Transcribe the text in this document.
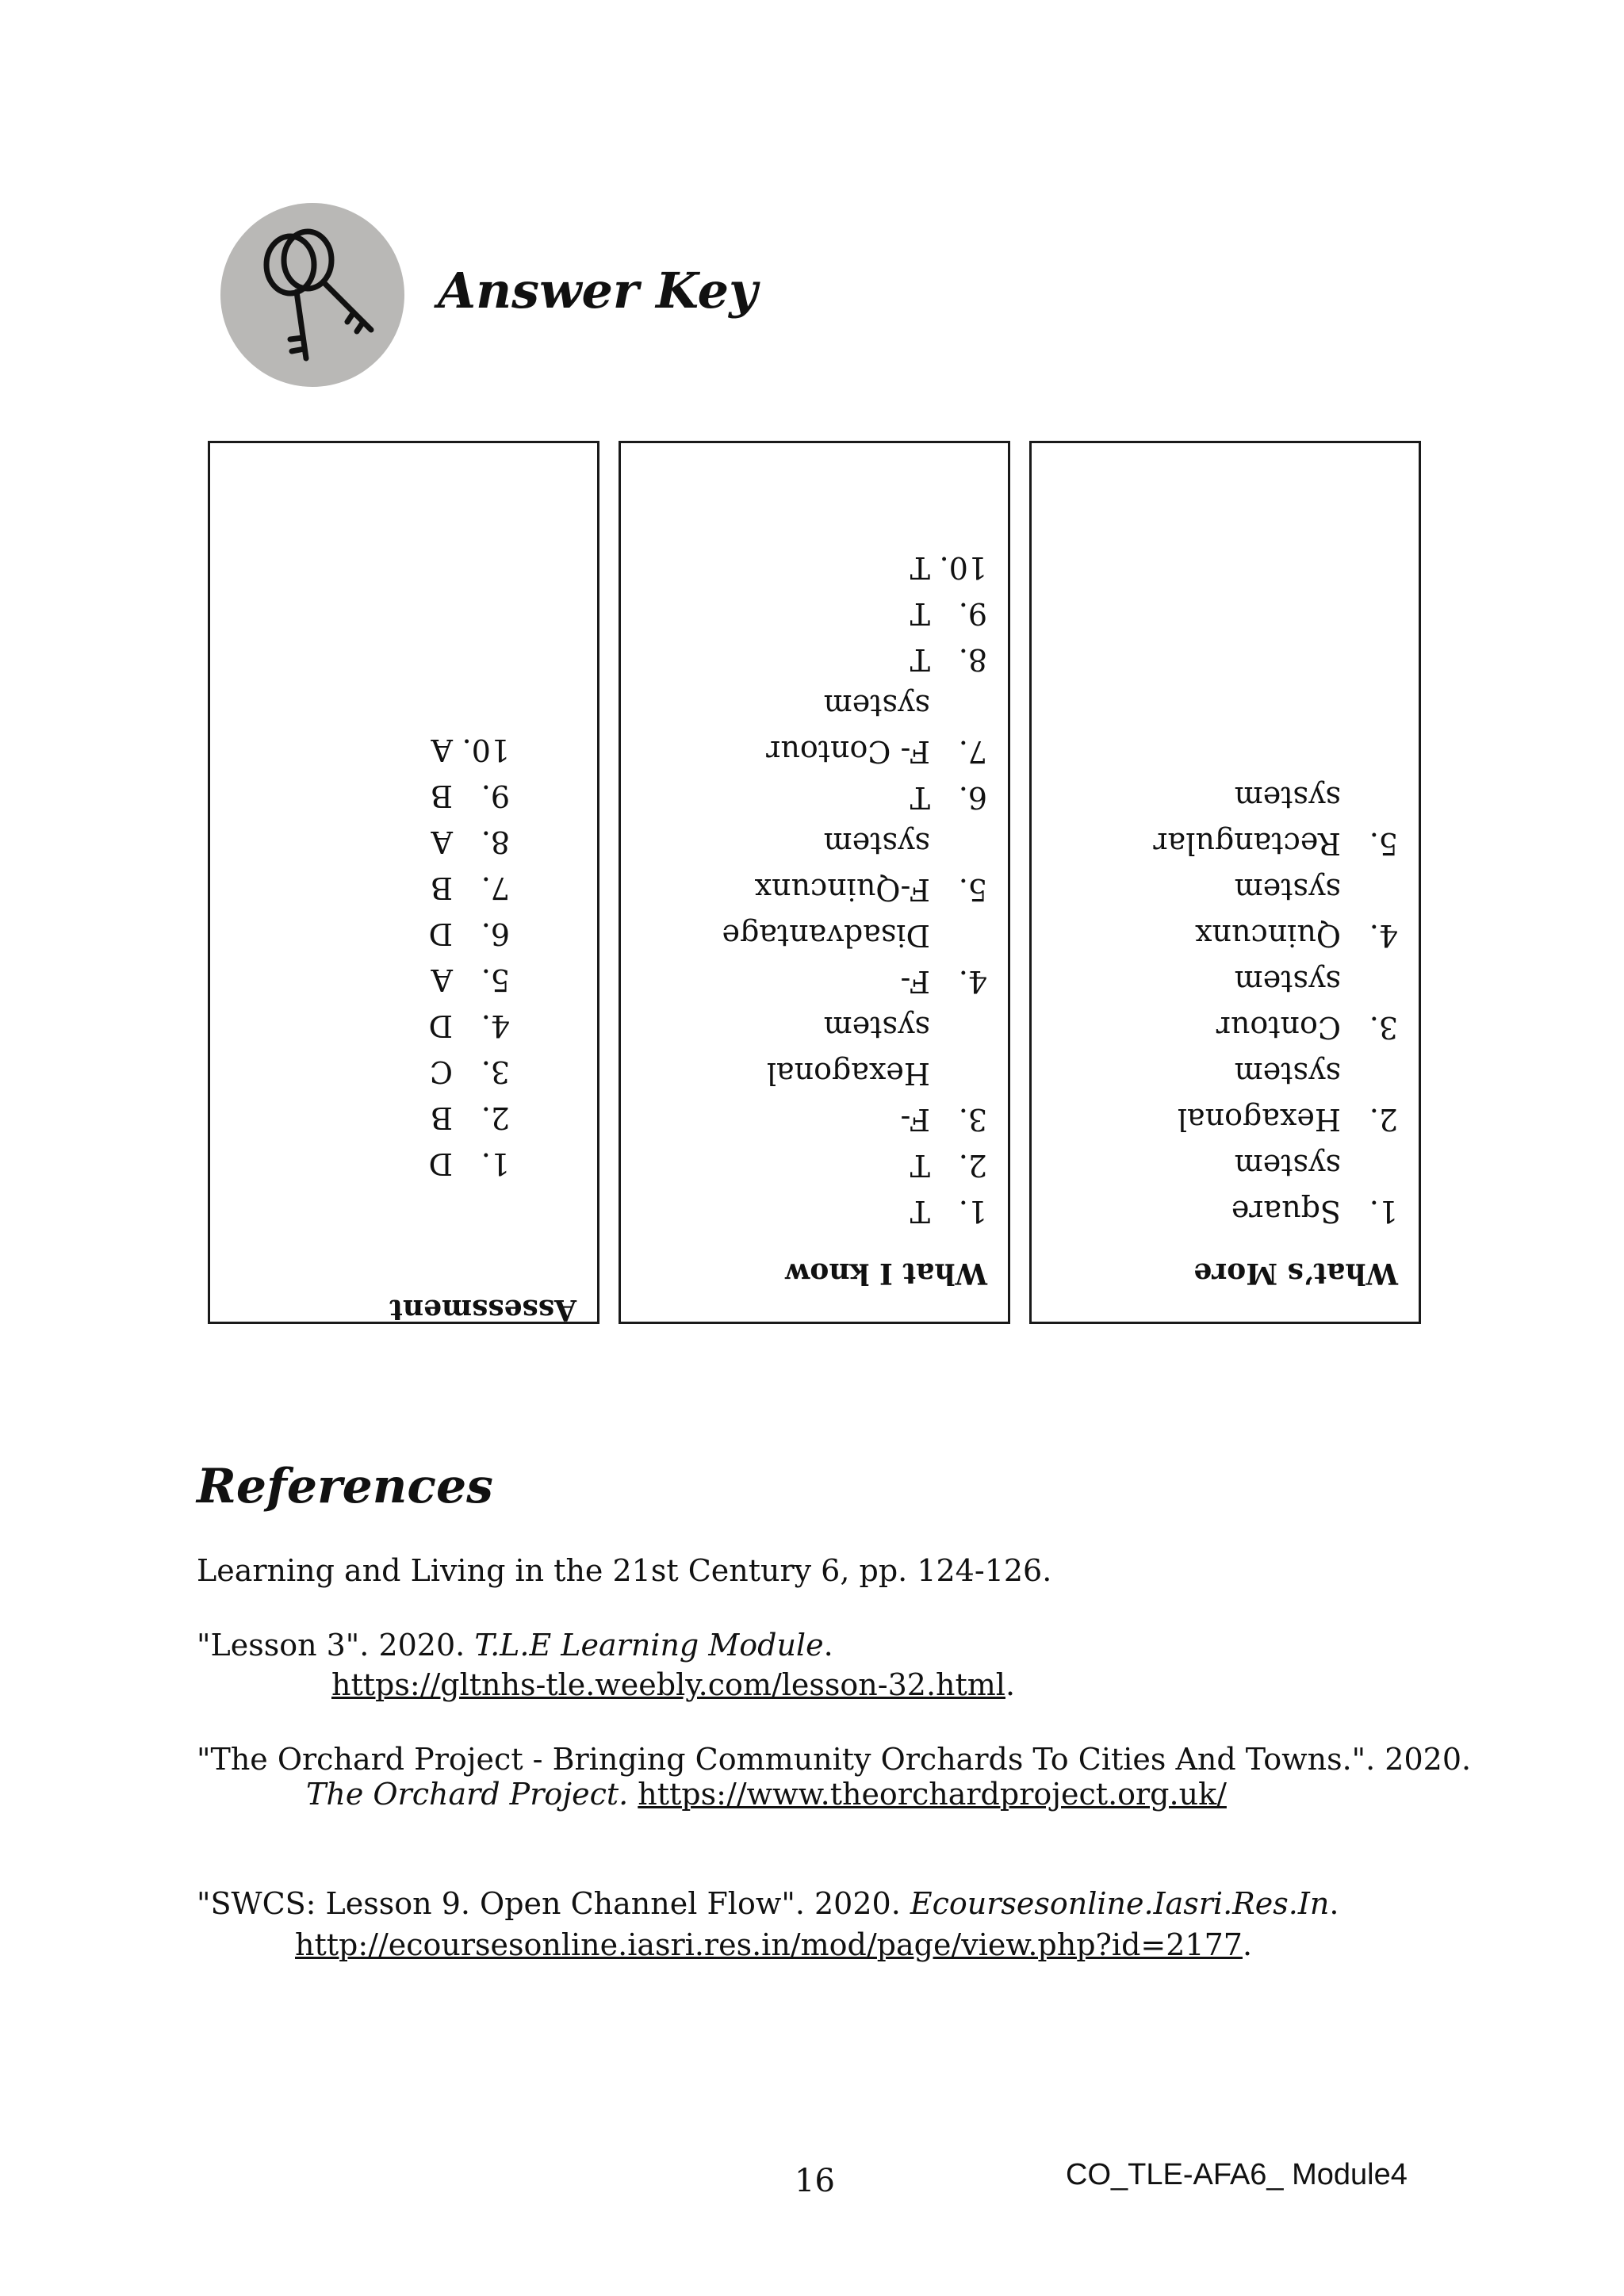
Answer Key
Assessment
1.
D
2.
B
3.
C
4.
D
5.
A
6.
D
7.
B
8.
A
9.
B
10.
A
What I know
1.
T
2.
T
3.
F- Hexagonal system
4.
F- Disadvantage
5.
F-Quincunx system
6.
T
7.
F- Contour system
8.
T
9.
T
10.
T
What’s More
1.
Square system
2.
Hexagonal system
3.
Contour system
4.
Quincunx system
5.
Rectangular system
References
Learning and Living in the 21st Century 6, pp. 124-126.
"Lesson 3". 2020. T.L.E Learning Module.
https://gltnhs-tle.weebly.com/lesson-32.html.
"The Orchard Project - Bringing Community Orchards To Cities And Towns.". 2020.
The Orchard Project. https://www.theorchardproject.org.uk/
"SWCS: Lesson 9. Open Channel Flow". 2020. Ecoursesonline.Iasri.Res.In.
http://ecoursesonline.iasri.res.in/mod/page/view.php?id=2177.
16	CO_TLE-AFA6_ Module4
